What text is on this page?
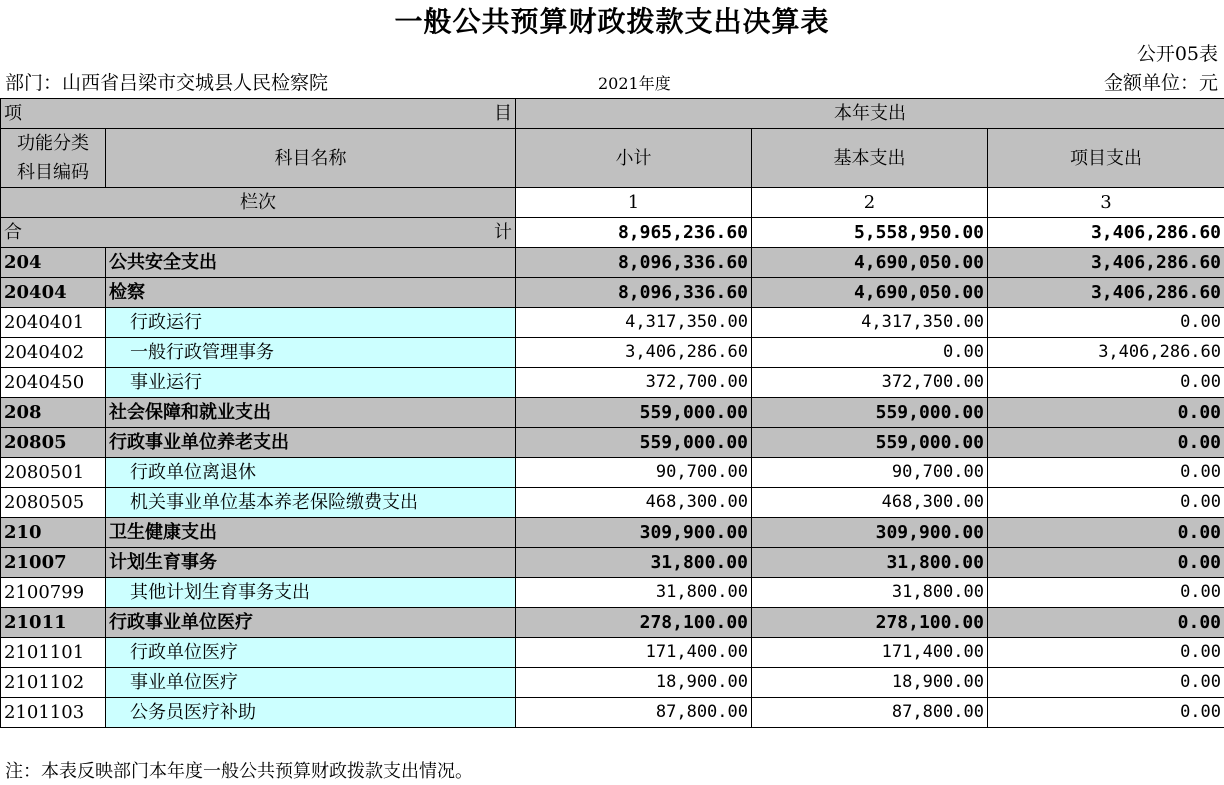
一般公共预算财政拨款支出决算表
公开05表
部门：山西省吕梁市交城县人民检察院	2021年度	金额单位：元
项 目		本年支出		
功能分类
科目编码	科目名称	小计	基本支出	项目支出
栏次		1	2	3

合 计		8,965,236.60	5,558,950.00	3,406,286.60
204	公共安全支出	8,096,336.60	4,690,050.00	3,406,286.60
20404	检察	8,096,336.60	4,690,050.00	3,406,286.60
2040401	行政运行	4,317,350.00	4,317,350.00	0.00
2040402	一般行政管理事务	3,406,286.60	0.00	3,406,286.60
2040450	事业运行	372,700.00	372,700.00	0.00
208	社会保障和就业支出	559,000.00	559,000.00	0.00
20805	行政事业单位养老支出	559,000.00	559,000.00	0.00
2080501	行政单位离退休	90,700.00	90,700.00	0.00
2080505	机关事业单位基本养老保险缴费支出	468,300.00	468,300.00	0.00
210	卫生健康支出	309,900.00	309,900.00	0.00
21007	计划生育事务	31,800.00	31,800.00	0.00
2100799	其他计划生育事务支出	31,800.00	31,800.00	0.00
21011	行政事业单位医疗	278,100.00	278,100.00	0.00
2101101	行政单位医疗	171,400.00	171,400.00	0.00
2101102	事业单位医疗	18,900.00	18,900.00	0.00
2101103	公务员医疗补助	87,800.00	87,800.00	0.00
注：本表反映部门本年度一般公共预算财政拨款支出情况。
